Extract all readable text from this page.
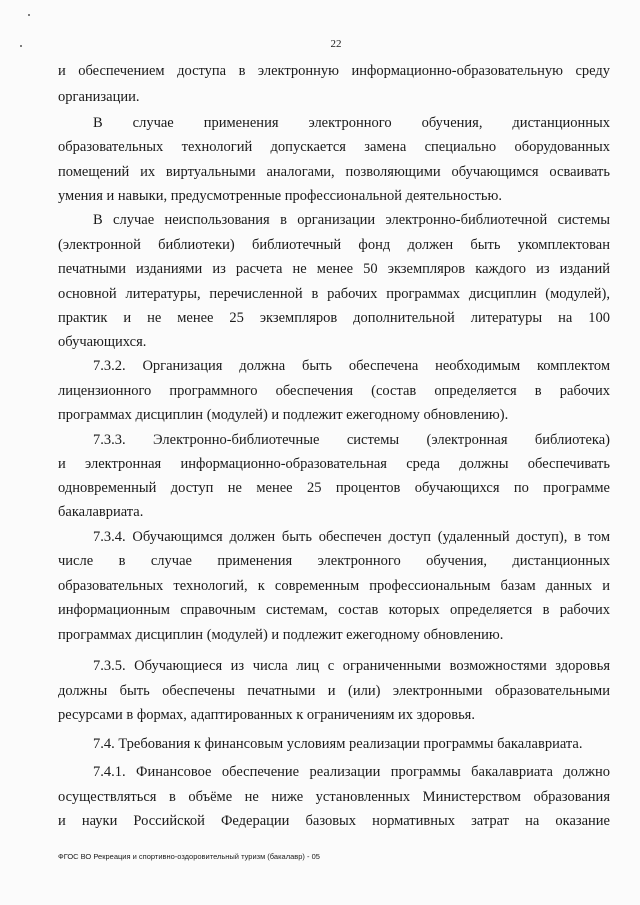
22
и обеспечением доступа в электронную информационно-образовательную среду
организации.
В случае применения электронного обучения, дистанционных
образовательных технологий допускается замена специально оборудованных
помещений их виртуальными аналогами, позволяющими обучающимся осваивать
умения и навыки, предусмотренные профессиональной деятельностью.
В случае неиспользования в организации электронно-библиотечной системы
(электронной библиотеки) библиотечный фонд должен быть укомплектован
печатными изданиями из расчета не менее 50 экземпляров каждого из изданий
основной литературы, перечисленной в рабочих программах дисциплин (модулей),
практик и не менее 25 экземпляров дополнительной литературы на 100
обучающихся.
7.3.2. Организация должна быть обеспечена необходимым комплектом
лицензионного программного обеспечения (состав определяется в рабочих
программах дисциплин (модулей) и подлежит ежегодному обновлению).
7.3.3. Электронно-библиотечные системы (электронная библиотека)
и электронная информационно-образовательная среда должны обеспечивать
одновременный доступ не менее 25 процентов обучающихся по программе
бакалавриата.
7.3.4. Обучающимся должен быть обеспечен доступ (удаленный доступ), в том
числе в случае применения электронного обучения, дистанционных
образовательных технологий, к современным профессиональным базам данных и
информационным справочным системам, состав которых определяется в рабочих
программах дисциплин (модулей) и подлежит ежегодному обновлению.
7.3.5. Обучающиеся из числа лиц с ограниченными возможностями здоровья
должны быть обеспечены печатными и (или) электронными образовательными
ресурсами в формах, адаптированных к ограничениям их здоровья.
7.4. Требования к финансовым условиям реализации программы бакалавриата.
7.4.1. Финансовое обеспечение реализации программы бакалавриата должно
осуществляться в объёме не ниже установленных Министерством образования
и науки Российской Федерации базовых нормативных затрат на оказание
ФГОС ВО Рекреация и спортивно-оздоровительный туризм (бакалавр) - 05
